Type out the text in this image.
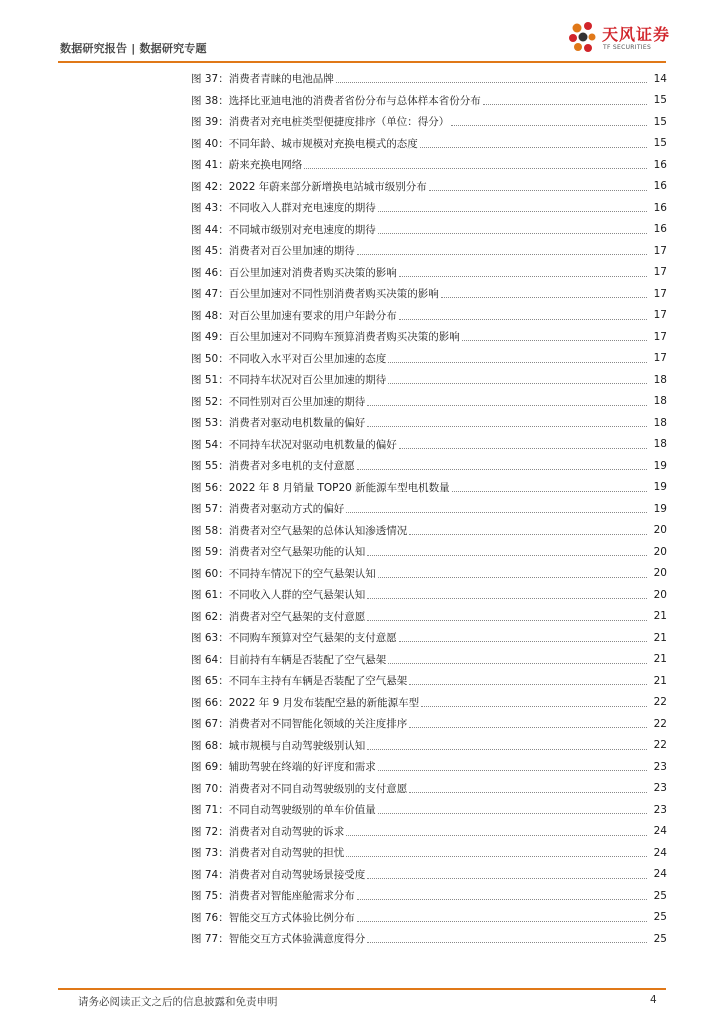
数据研究报告 | 数据研究专题
天风证券
TF SECURITIES
图 37：消费者青睐的电池品牌	14
图 38：选择比亚迪电池的消费者省份分布与总体样本省份分布	15
图 39：消费者对充电桩类型便捷度排序（单位：得分）	15
图 40：不同年龄、城市规模对充换电模式的态度	15
图 41：蔚来充换电网络	16
图 42：2022 年蔚来部分新增换电站城市级别分布	16
图 43：不同收入人群对充电速度的期待	16
图 44：不同城市级别对充电速度的期待	16
图 45：消费者对百公里加速的期待	17
图 46：百公里加速对消费者购买决策的影响	17
图 47：百公里加速对不同性别消费者购买决策的影响	17
图 48：对百公里加速有要求的用户年龄分布	17
图 49：百公里加速对不同购车预算消费者购买决策的影响	17
图 50：不同收入水平对百公里加速的态度	17
图 51：不同持车状况对百公里加速的期待	18
图 52：不同性别对百公里加速的期待	18
图 53：消费者对驱动电机数量的偏好	18
图 54：不同持车状况对驱动电机数量的偏好	18
图 55：消费者对多电机的支付意愿	19
图 56：2022 年 8 月销量 TOP20 新能源车型电机数量	19
图 57：消费者对驱动方式的偏好	19
图 58：消费者对空气悬架的总体认知渗透情况	20
图 59：消费者对空气悬架功能的认知	20
图 60：不同持车情况下的空气悬架认知	20
图 61：不同收入人群的空气悬架认知	20
图 62：消费者对空气悬架的支付意愿	21
图 63：不同购车预算对空气悬架的支付意愿	21
图 64：目前持有车辆是否装配了空气悬架	21
图 65：不同车主持有车辆是否装配了空气悬架	21
图 66：2022 年 9 月发布装配空悬的新能源车型	22
图 67：消费者对不同智能化领域的关注度排序	22
图 68：城市规模与自动驾驶级别认知	22
图 69：辅助驾驶在终端的好评度和需求	23
图 70：消费者对不同自动驾驶级别的支付意愿	23
图 71：不同自动驾驶级别的单车价值量	23
图 72：消费者对自动驾驶的诉求	24
图 73：消费者对自动驾驶的担忧	24
图 74：消费者对自动驾驶场景接受度	24
图 75：消费者对智能座舱需求分布	25
图 76：智能交互方式体验比例分布	25
图 77：智能交互方式体验满意度得分	25
请务必阅读正文之后的信息披露和免责申明	4
